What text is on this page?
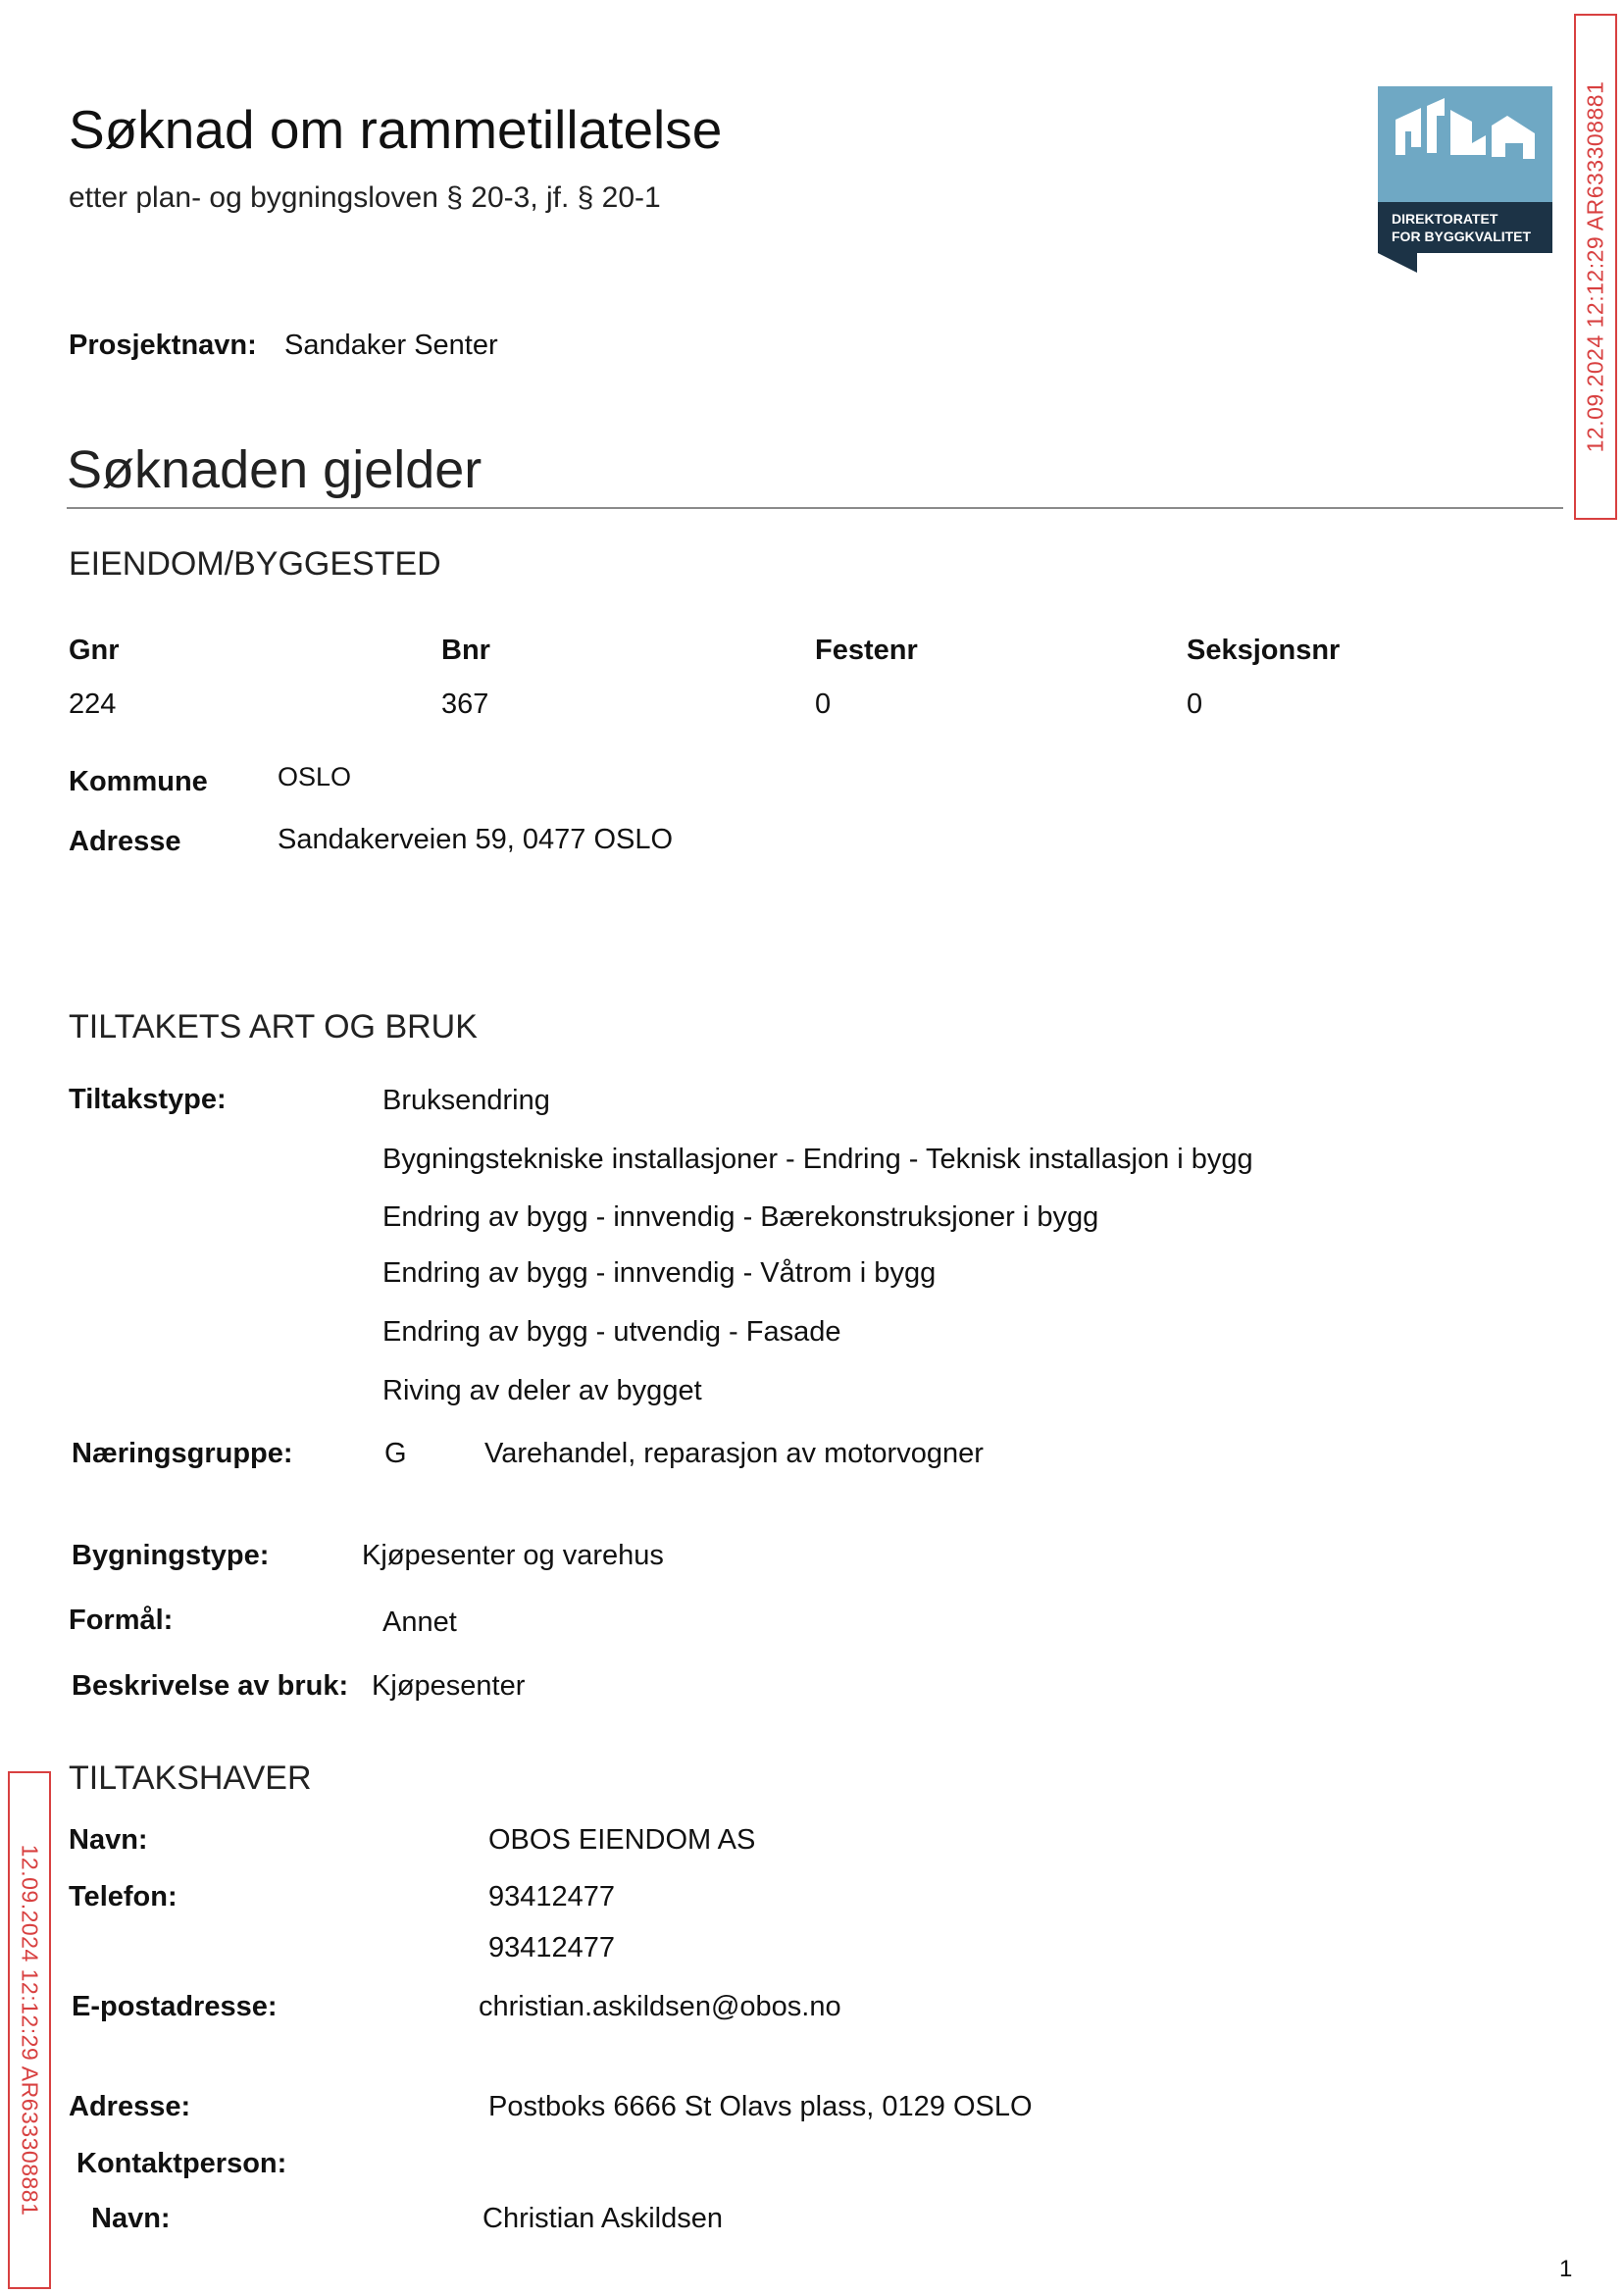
Søknad om rammetillatelse
etter plan- og bygningsloven § 20-3, jf. § 20-1
DIREKTORATET
FOR BYGGKVALITET 12.09.2024 12:12:29 AR633308881
12.09.2024 12:12:29 AR633308881
Prosjektnavn: Sandaker Senter
Søknaden gjelder
EIENDOM/BYGGESTED
Gnr	Bnr	Festenr	Seksjonsnr
224	367	0	0
Kommune	OSLO
Adresse	Sandakerveien 59, 0477 OSLO
TILTAKETS ART OG BRUK
Tiltakstype:	Bruksendring
Bygningstekniske installasjoner - Endring - Teknisk installasjon i bygg
Endring av bygg - innvendig - Bærekonstruksjoner i bygg
Endring av bygg - innvendig - Våtrom i bygg
Endring av bygg - utvendig - Fasade
Riving av deler av bygget
Næringsgruppe:	G	Varehandel, reparasjon av motorvogner
Bygningstype:	Kjøpesenter og varehus
Formål:	Annet
Beskrivelse av bruk: Kjøpesenter
TILTAKSHAVER
Navn:	OBOS EIENDOM AS
Telefon:	93412477
93412477
E-postadresse:	christian.askildsen@obos.no
Adresse:	Postboks 6666 St Olavs plass, 0129 OSLO
Kontaktperson:
Navn:	Christian Askildsen
1
